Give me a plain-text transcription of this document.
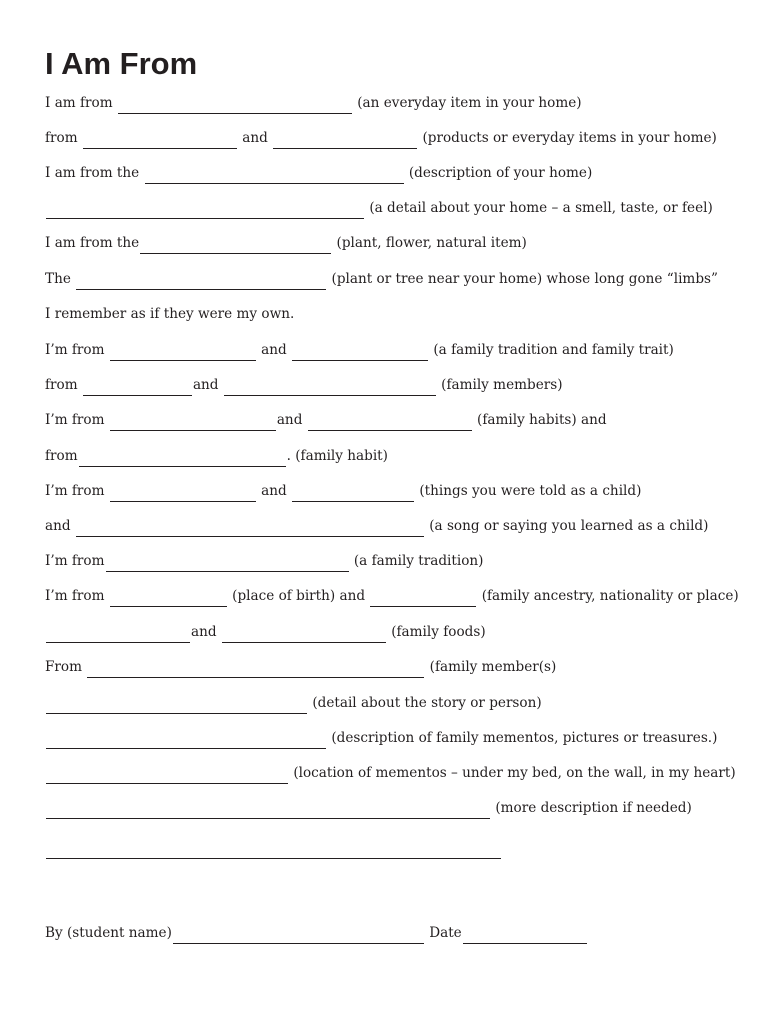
I Am From
I am from	(an everyday item in your home)
from	and	(products or everyday items in your home)
I am from the	(description of your home)
(a detail about your home – a smell, taste, or feel)
I am from the	(plant, flower, natural item)
The	(plant or tree near your home) whose long gone “limbs”
I remember as if they were my own.
I’m from	and	(a family tradition and family trait)
from	and	(family members)
I’m from	and	(family habits) and
from	. (family habit)
I’m from	and	(things you were told as a child)
and	(a song or saying you learned as a child)
I’m from	(a family tradition)
I’m from	(place of birth) and	(family ancestry, nationality or place)
and	(family foods)
From	(family member(s)
(detail about the story or person)
(description of family mementos, pictures or treasures.)
(location of mementos – under my bed, on the wall, in my heart)
(more description if needed)
By (student name)	Date
